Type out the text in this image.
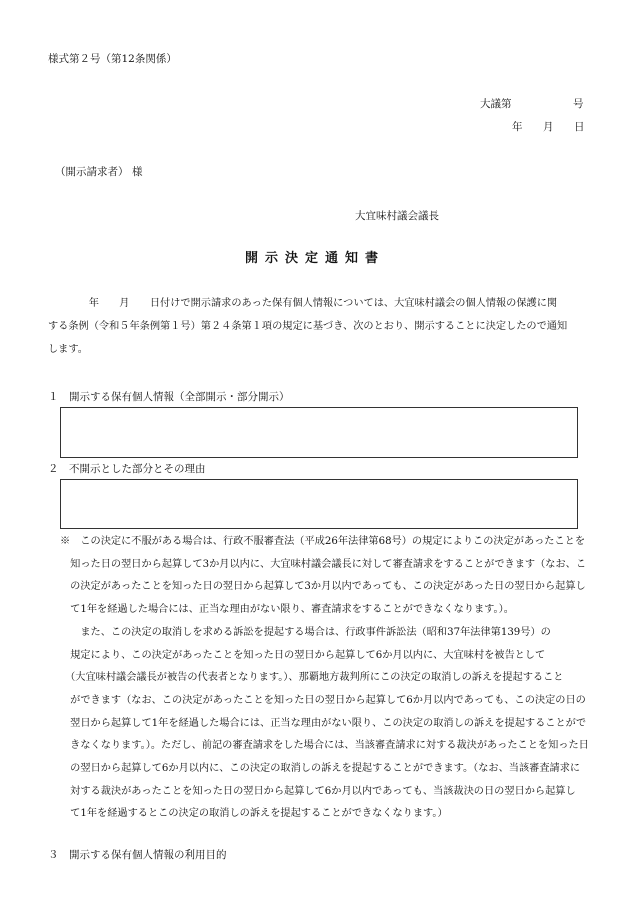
様式第２号（第12条関係）
大議第	号
年 月 日
（開示請求者） 様
大宜味村議会議長
開示決定通知書
　　　　年　　月　　日付けで開示請求のあった保有個人情報については、大宜味村議会の個人情報の保護に関
する条例（令和５年条例第１号）第２４条第１項の規定に基づき、次のとおり、開示することに決定したので通知
します。
１　開示する保有個人情報（全部開示・部分開示）
２　不開示とした部分とその理由
※　この決定に不服がある場合は、行政不服審査法（平成26年法律第68号）の規定によりこの決定があったことを
　知った日の翌日から起算して3か月以内に、大宜味村議会議長に対して審査請求をすることができます（なお、こ
　の決定があったことを知った日の翌日から起算して3か月以内であっても、この決定があった日の翌日から起算し
　て1年を経過した場合には、正当な理由がない限り、審査請求をすることができなくなります。）。
　　また、この決定の取消しを求める訴訟を提起する場合は、行政事件訴訟法（昭和37年法律第139号）の
　規定により、この決定があったことを知った日の翌日から起算して6か月以内に、大宜味村を被告として
　（大宜味村議会議長が被告の代表者となります。）、那覇地方裁判所にこの決定の取消しの訴えを提起すること
　ができます（なお、この決定があったことを知った日の翌日から起算して6か月以内であっても、この決定の日の
　翌日から起算して1年を経過した場合には、正当な理由がない限り、この決定の取消しの訴えを提起することがで
　きなくなります。）。ただし、前記の審査請求をした場合には、当該審査請求に対する裁決があったことを知った日
　の翌日から起算して6か月以内に、この決定の取消しの訴えを提起することができます。（なお、当該審査請求に
　対する裁決があったことを知った日の翌日から起算して6か月以内であっても、当該裁決の日の翌日から起算し
　て1年を経過するとこの決定の取消しの訴えを提起することができなくなります。）
３　開示する保有個人情報の利用目的
